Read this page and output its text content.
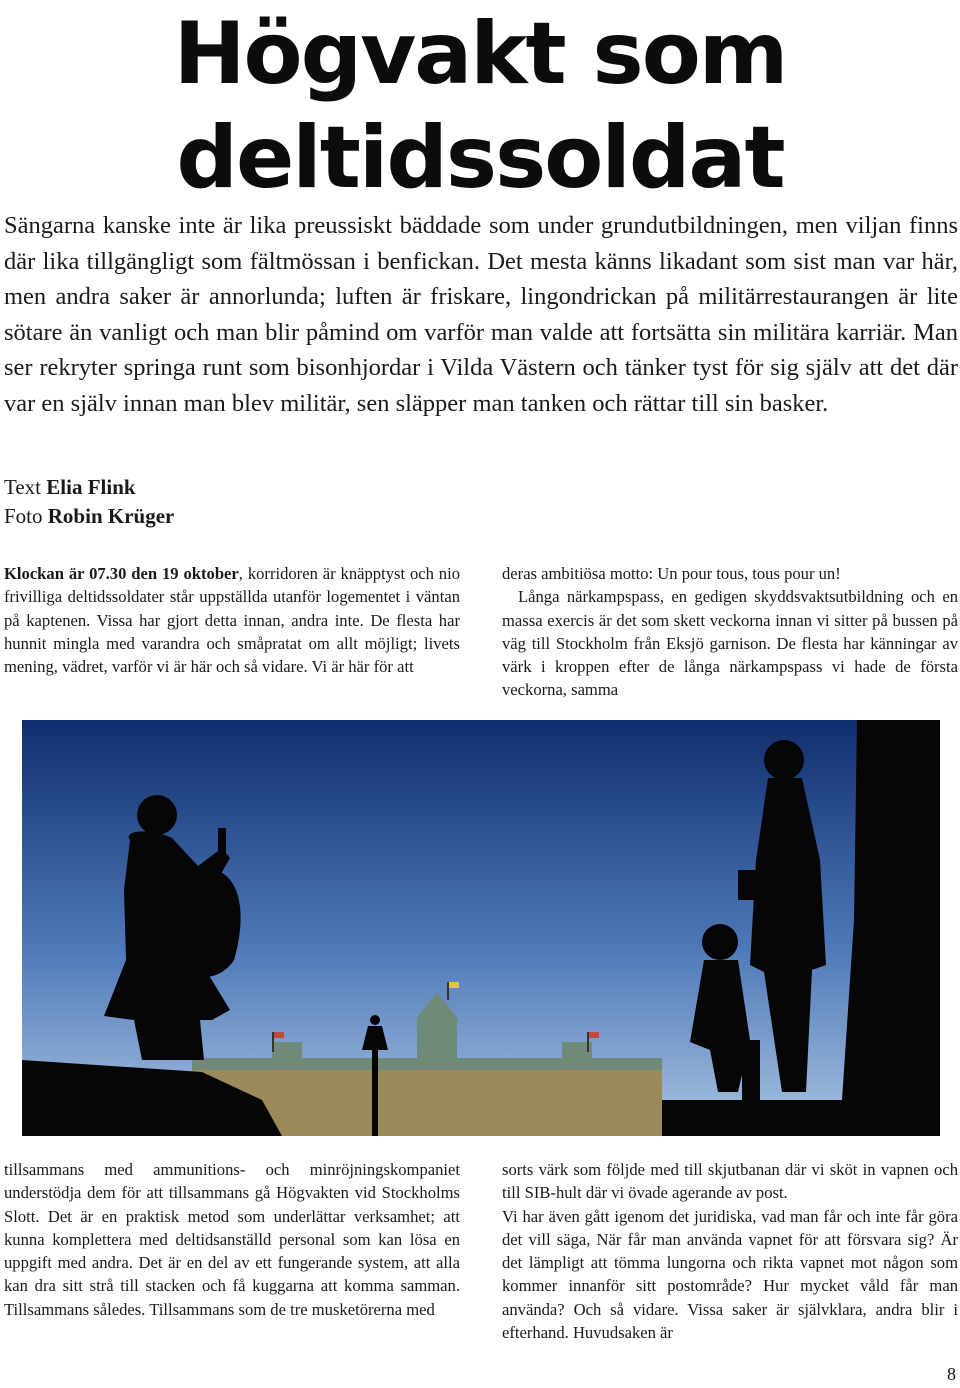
Högvakt som
deltidssoldat

Sängarna kanske inte är lika preussiskt bäddade som under grundutbildningen, men viljan finns där lika tillgängligt som fältmössan i benfickan. Det mesta känns likadant som sist man var här, men andra saker är annorlunda; luften är friskare, lingondrickan på militärrestaurangen är lite sötare än vanligt och man blir påmind om varför man valde att fortsätta sin militära karriär. Man ser rekryter springa runt som bisonhjordar i Vilda Västern och tänker tyst för sig själv att det där var en själv innan man blev militär, sen släpper man tanken och rättar till sin basker.

Text Elia Flink
Foto Robin Krüger

Klockan är 07.30 den 19 oktober, korridoren är knäpptyst och nio frivilliga deltidssoldater står uppställda utanför logementet i väntan på kaptenen. Vissa har gjort detta innan, andra inte. De flesta har hunnit mingla med varandra och småpratat om allt möjligt; livets mening, vädret, varför vi är här och så vidare. Vi är här för att

deras ambitiösa motto: Un pour tous, tous pour un!
Långa närkampspass, en gedigen skyddsvaktsutbildning och en massa exercis är det som skett veckorna innan vi sitter på bussen på väg till Stockholm från Eksjö garnison. De flesta har känningar av värk i kroppen efter de långa närkampspass vi hade de första veckorna, samma

tillsammans med ammunitions- och minröjningskompaniet understödja dem för att tillsammans gå Högvakten vid Stockholms Slott. Det är en praktisk metod som underlättar verksamhet; att kunna komplettera med deltidsanställd personal som kan lösa en uppgift med andra. Det är en del av ett fungerande system, att alla kan dra sitt strå till stacken och få kuggarna att komma samman. Tillsammans således. Tillsammans som de tre musketörerna med

sorts värk som följde med till skjutbanan där vi sköt in vapnen och till SIB-hult där vi övade agerande av post.
Vi har även gått igenom det juridiska, vad man får och inte får göra det vill säga, När får man använda vapnet för att försvara sig? Är det lämpligt att tömma lungorna och rikta vapnet mot någon som kommer innanför sitt postområde? Hur mycket våld får man använda? Och så vidare. Vissa saker är självklara, andra blir i efterhand. Huvudsaken är
8
